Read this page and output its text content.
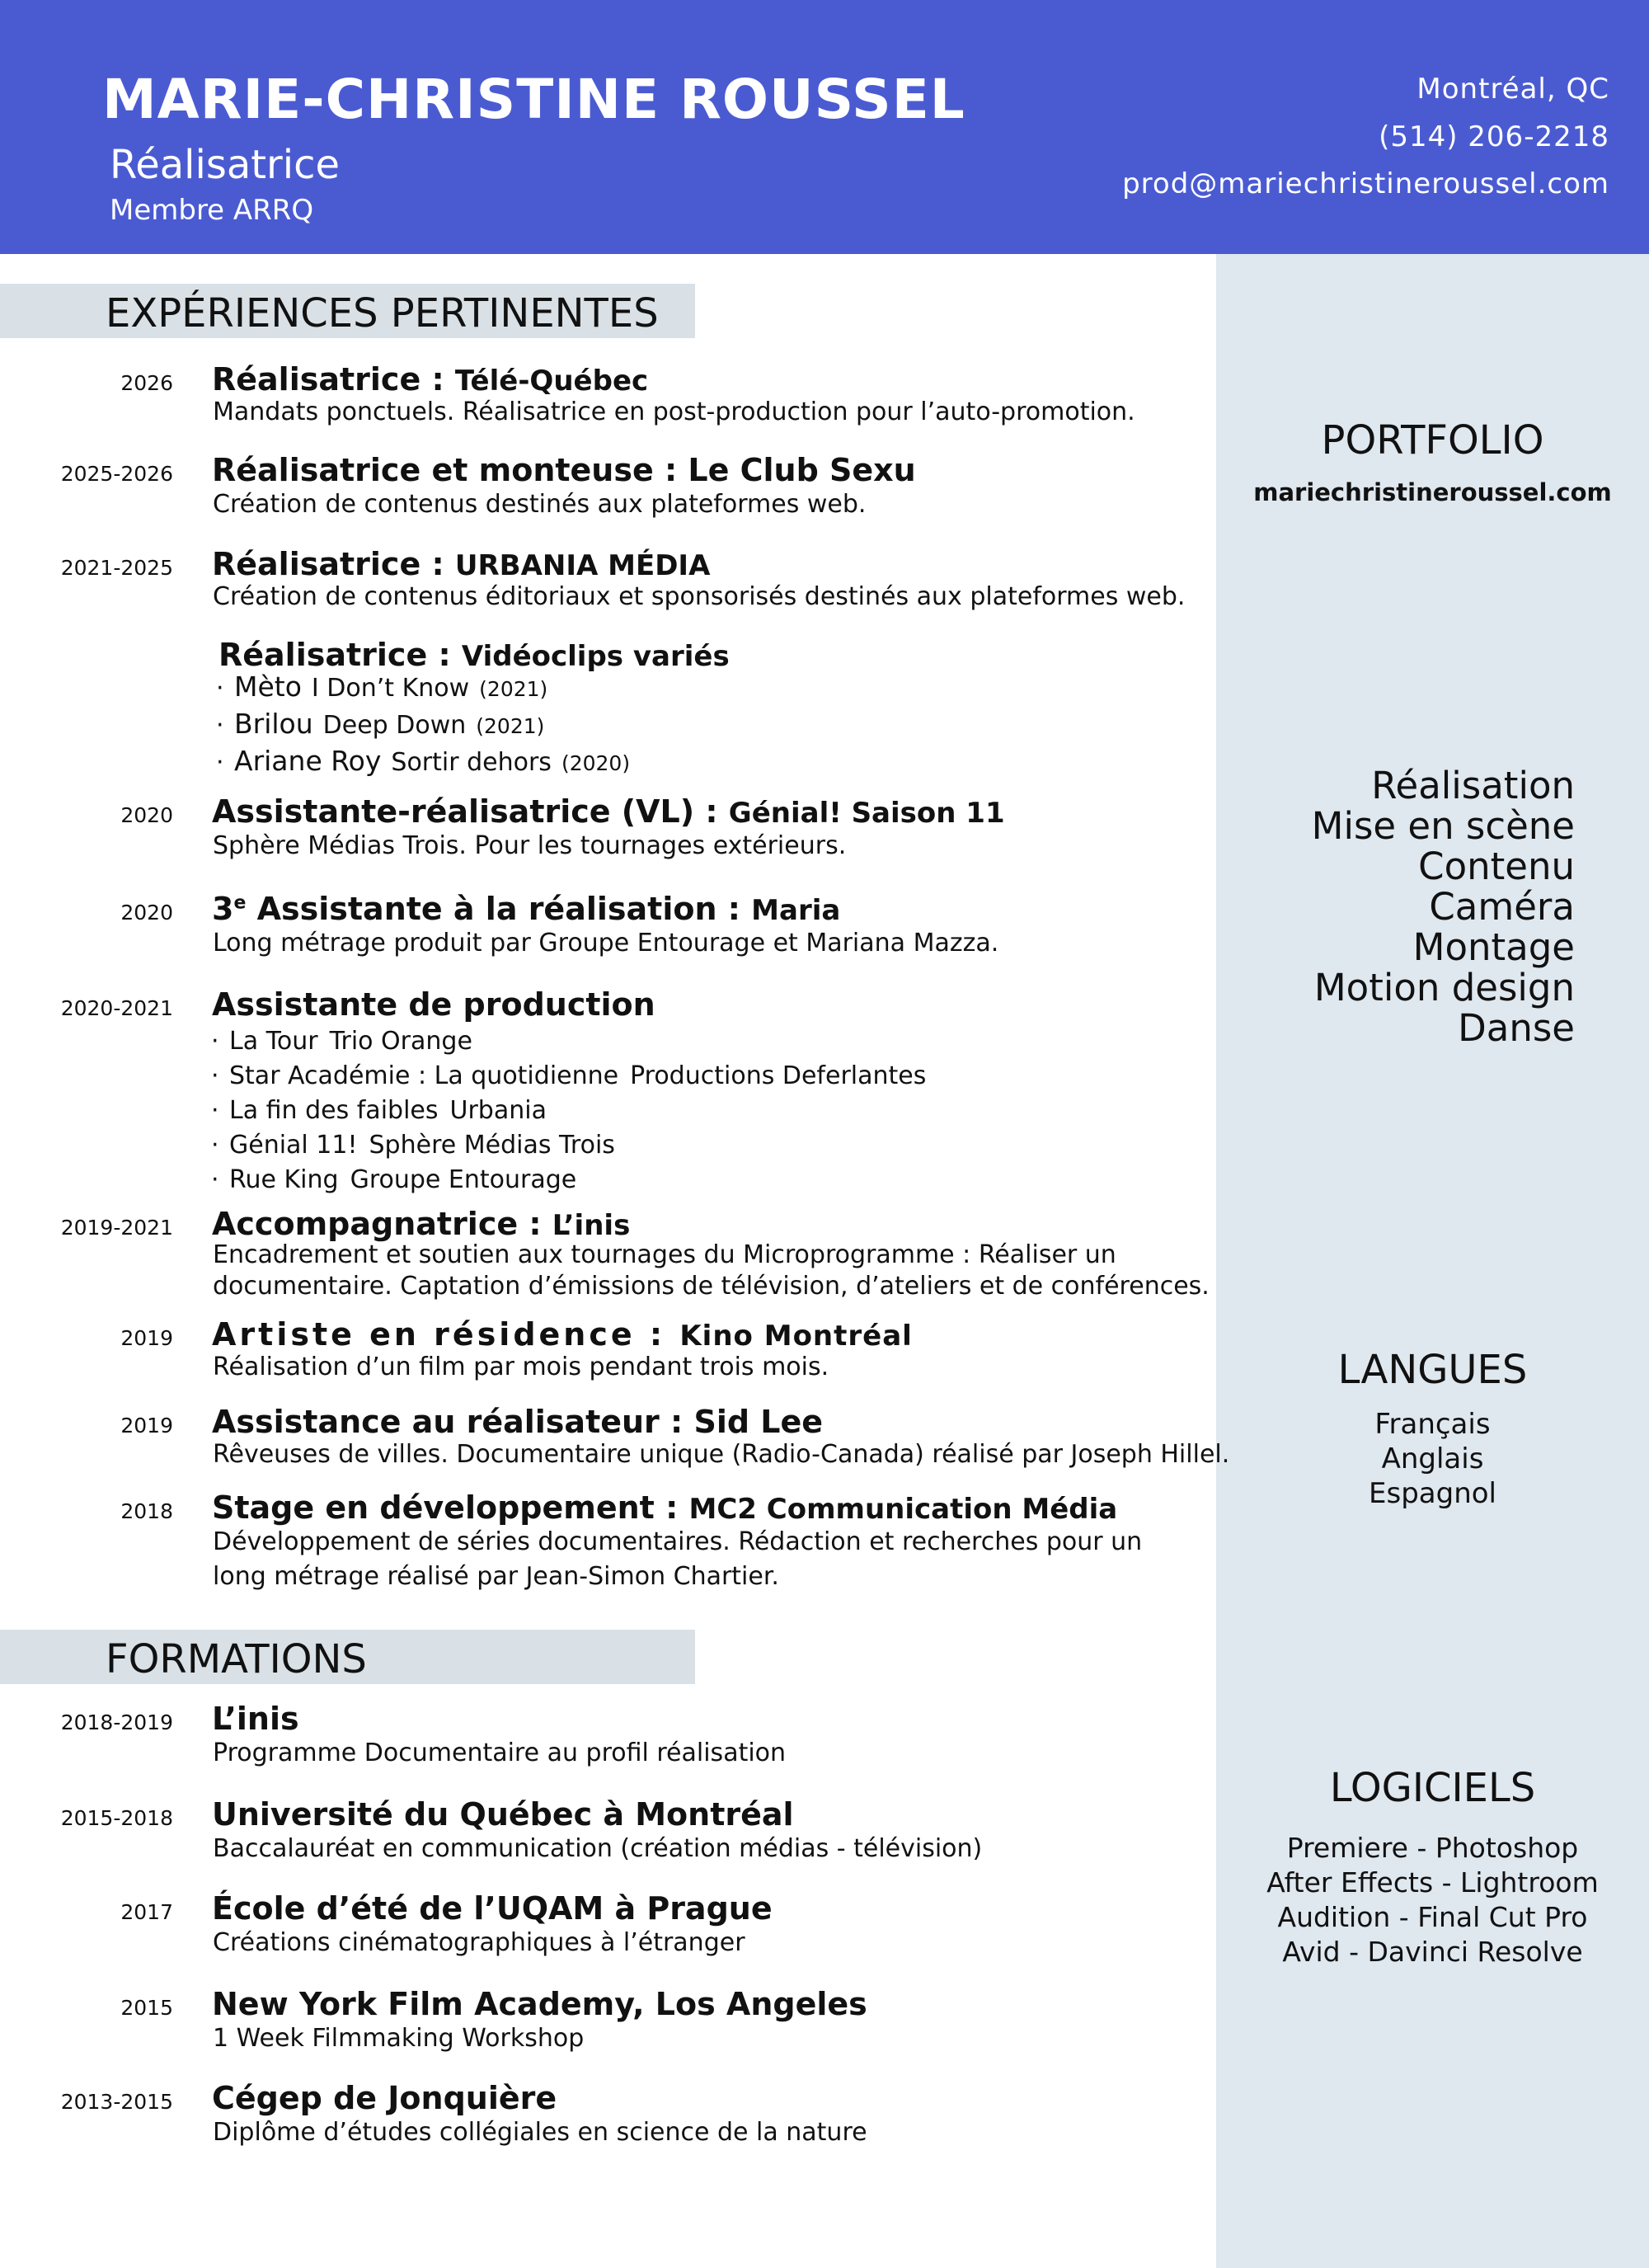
MARIE-CHRISTINE ROUSSEL
Réalisatrice
Membre ARRQ
Montréal, QC
(514) 206-2218
prod@mariechristineroussel.com
PORTFOLIO
mariechristineroussel.com
Réalisation
Mise en scène
Contenu
Caméra
Montage
Motion design
Danse
LANGUES
Français
Anglais
Espagnol
LOGICIELS
Premiere - Photoshop
After Effects - Lightroom
Audition - Final Cut Pro
Avid - Davinci Resolve
EXPÉRIENCES PERTINENTES
2026 Réalisatrice : Télé-Québec
Mandats ponctuels. Réalisatrice en post-production pour l’auto-promotion.
2025-2026 Réalisatrice et monteuse : Le Club Sexu
Création de contenus destinés aux plateformes web.
2021-2025 Réalisatrice : URBANIA MÉDIA
Création de contenus éditoriaux et sponsorisés destinés aux plateformes web.
Réalisatrice : Vidéoclips variés
· Mèto I Don’t Know (2021)
· Brilou Deep Down (2021)
· Ariane Roy Sortir dehors (2020)
2020 Assistante-réalisatrice (VL) : Génial! Saison 11
Sphère Médias Trois. Pour les tournages extérieurs.
2020 3e Assistante à la réalisation : Maria
Long métrage produit par Groupe Entourage et Mariana Mazza.
2020-2021 Assistante de production
· La Tour Trio Orange
· Star Académie : La quotidienne Productions Deferlantes
· La fin des faibles Urbania
· Génial 11! Sphère Médias Trois
· Rue King Groupe Entourage
2019-2021 Accompagnatrice : L’inis
Encadrement et soutien aux tournages du Microprogramme : Réaliser un
documentaire. Captation d’émissions de télévision, d’ateliers et de conférences.
2019 Artiste en résidence : Kino Montréal
Réalisation d’un film par mois pendant trois mois.
2019 Assistance au réalisateur : Sid Lee
Rêveuses de villes. Documentaire unique (Radio-Canada) réalisé par Joseph Hillel.
2018 Stage en développement : MC2 Communication Média
Développement de séries documentaires. Rédaction et recherches pour un
long métrage réalisé par Jean-Simon Chartier.
FORMATIONS
2018-2019 L’inis
Programme Documentaire au profil réalisation
2015-2018 Université du Québec à Montréal
Baccalauréat en communication (création médias - télévision)
2017 École d’été de l’UQAM à Prague
Créations cinématographiques à l’étranger
2015 New York Film Academy, Los Angeles
1 Week Filmmaking Workshop
2013-2015 Cégep de Jonquière
Diplôme d’études collégiales en science de la nature
